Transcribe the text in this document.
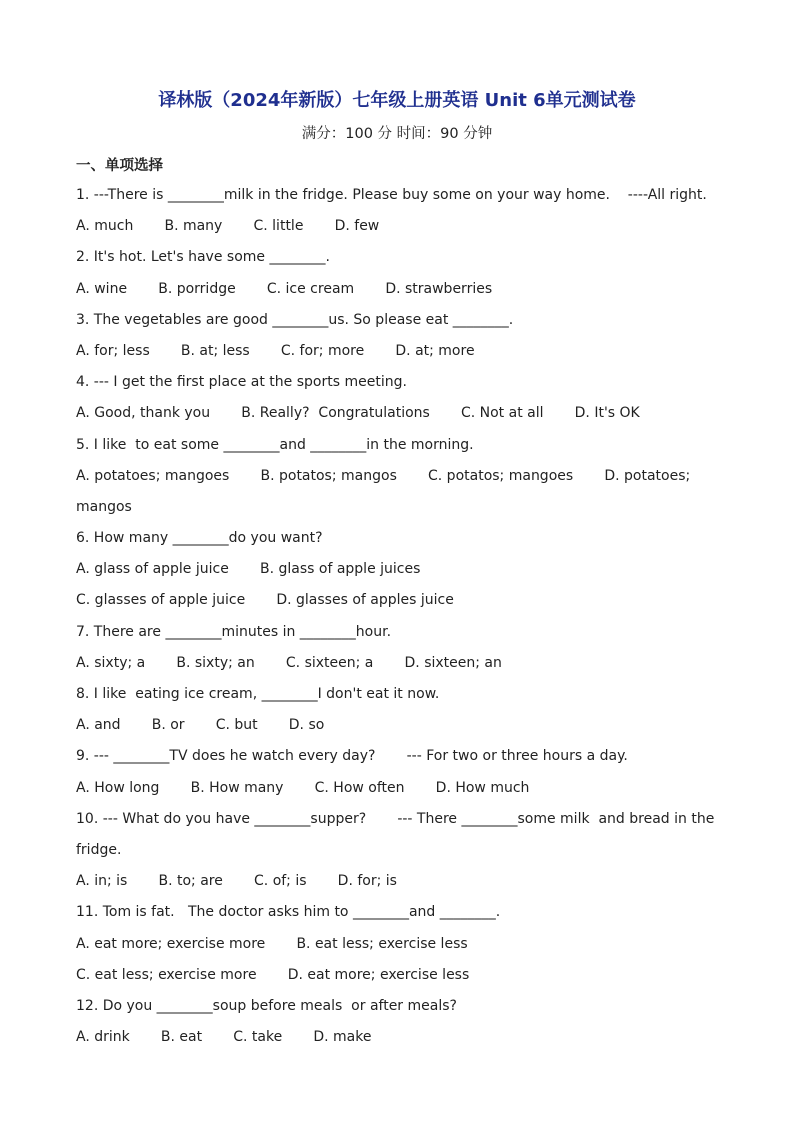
译林版（2024年新版）七年级上册英语 Unit 6单元测试卷
满分：100 分 时间：90 分钟
一、单项选择
1. ---There is ________milk in the fridge. Please buy some on your way home.    ----All right.
A. much       B. many       C. little       D. few
2. It's hot. Let's have some ________.
A. wine       B. porridge       C. ice cream       D. strawberries
3. The vegetables are good ________us. So please eat ________.
A. for; less       B. at; less       C. for; more       D. at; more
4. --- I get the first place at the sports meeting.
A. Good, thank you       B. Really?  Congratulations       C. Not at all       D. It's OK
5. I like  to eat some ________and ________in the morning.
A. potatoes; mangoes       B. potatos; mangos       C. potatos; mangoes       D. potatoes;
mangos
6. How many ________do you want?
A. glass of apple juice       B. glass of apple juices
C. glasses of apple juice       D. glasses of apples juice
7. There are ________minutes in ________hour.
A. sixty; a       B. sixty; an       C. sixteen; a       D. sixteen; an
8. I like  eating ice cream, ________I don't eat it now.
A. and       B. or       C. but       D. so
9. --- ________TV does he watch every day?       --- For two or three hours a day.
A. How long       B. How many       C. How often       D. How much
10. --- What do you have ________supper?       --- There ________some milk  and bread in the
fridge.
A. in; is       B. to; are       C. of; is       D. for; is
11. Tom is fat.   The doctor asks him to ________and ________.
A. eat more; exercise more       B. eat less; exercise less
C. eat less; exercise more       D. eat more; exercise less
12. Do you ________soup before meals  or after meals?
A. drink       B. eat       C. take       D. make
